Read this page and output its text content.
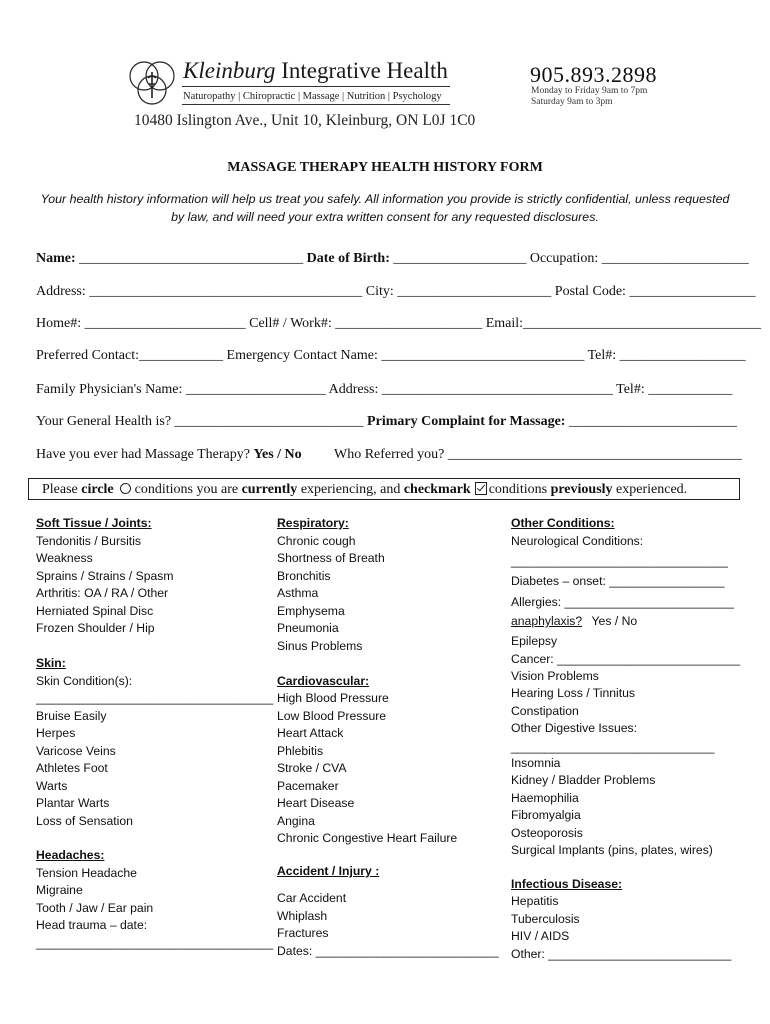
Kleinburg Integrative Health
Naturopathy | Chiropractic | Massage | Nutrition | Psychology
10480 Islington Ave., Unit 10, Kleinburg, ON L0J 1C0
905.893.2898
Monday to Friday 9am to 7pm
Saturday 9am to 3pm
MASSAGE THERAPY HEALTH HISTORY FORM
Your health history information will help us treat you safely. All information you provide is strictly confidential, unless requested by law, and will need your extra written consent for any requested disclosures.
Name: ________________________________ Date of Birth: ___________________ Occupation: _____________________
Address: _______________________________________ City: ______________________ Postal Code: __________________
Home#: _______________________ Cell# / Work#: _____________________ Email:__________________________________
Preferred Contact:____________ Emergency Contact Name: _____________________________ Tel#: __________________
Family Physician's Name: ____________________ Address: _________________________________ Tel#: ____________
Your General Health is? ___________________________ Primary Complaint for Massage: ________________________
Have you ever had Massage Therapy? Yes / No Who Referred you? __________________________________________
Please circle conditions you are currently experiencing, and checkmark conditions previously experienced.
Soft Tissue / Joints:
Tendonitis / Bursitis
Weakness
Sprains / Strains / Spasm
Arthritis: OA / RA / Other
Herniated Spinal Disc
Frozen Shoulder / Hip
Skin:
Skin Condition(s):
___________________________________
Bruise Easily
Herpes
Varicose Veins
Athletes Foot
Warts
Plantar Warts
Loss of Sensation
Headaches:
Tension Headache
Migraine
Tooth / Jaw / Ear pain
Head trauma – date:
___________________________________
Respiratory:
Chronic cough
Shortness of Breath
Bronchitis
Asthma
Emphysema
Pneumonia
Sinus Problems
Cardiovascular:
High Blood Pressure
Low Blood Pressure
Heart Attack
Phlebitis
Stroke / CVA
Pacemaker
Heart Disease
Angina
Chronic Congestive Heart Failure
Accident / Injury :
Car Accident
Whiplash
Fractures
Dates: ___________________________
Other Conditions:
Neurological Conditions:
________________________________
Diabetes – onset: _________________
Allergies: _________________________
anaphylaxis? Yes / No
Epilepsy
Cancer: ___________________________
Vision Problems
Hearing Loss / Tinnitus
Constipation
Other Digestive Issues:
______________________________
Insomnia
Kidney / Bladder Problems
Haemophilia
Fibromyalgia
Osteoporosis
Surgical Implants (pins, plates, wires)
Infectious Disease:
Hepatitis
Tuberculosis
HIV / AIDS
Other: ___________________________
